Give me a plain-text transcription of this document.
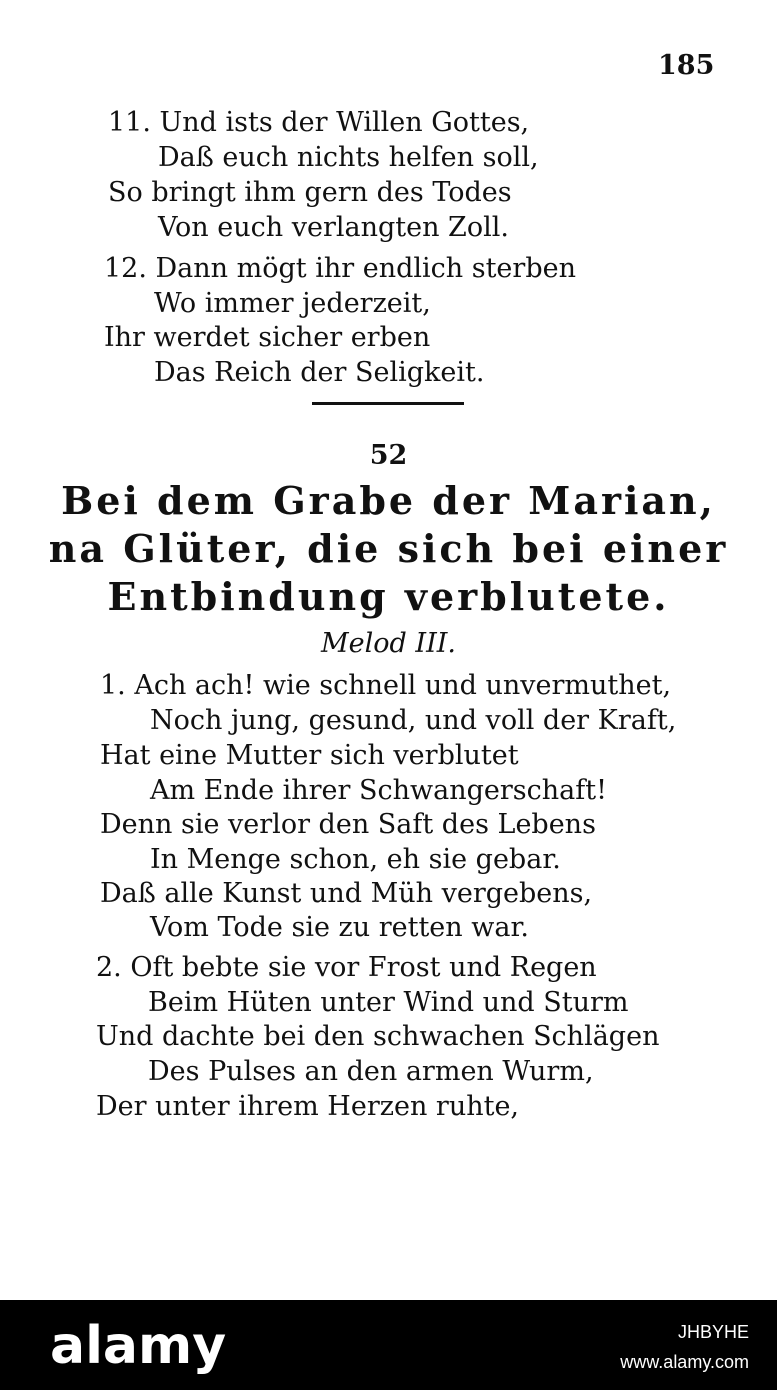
185
11. Und ists der Willen Gottes,
Daß euch nichts helfen soll,
So bringt ihm gern des Todes
Von euch verlangten Zoll.
12. Dann mögt ihr endlich sterben
Wo immer jederzeit,
Ihr werdet sicher erben
Das Reich der Seligkeit.
52
Bei dem Grabe der Marian,
na Glüter, die sich bei einer
Entbindung verblutete.
Melod III.
1. Ach ach! wie schnell und unvermuthet,
Noch jung, gesund, und voll der Kraft,
Hat eine Mutter sich verblutet
Am Ende ihrer Schwangerschaft!
Denn sie verlor den Saft des Lebens
In Menge schon, eh sie gebar.
Daß alle Kunst und Müh vergebens,
Vom Tode sie zu retten war.
2. Oft bebte sie vor Frost und Regen
Beim Hüten unter Wind und Sturm
Und dachte bei den schwachen Schlägen
Des Pulses an den armen Wurm,
Der unter ihrem Herzen ruhte,
alamy	JHBYHE
www.alamy.com
